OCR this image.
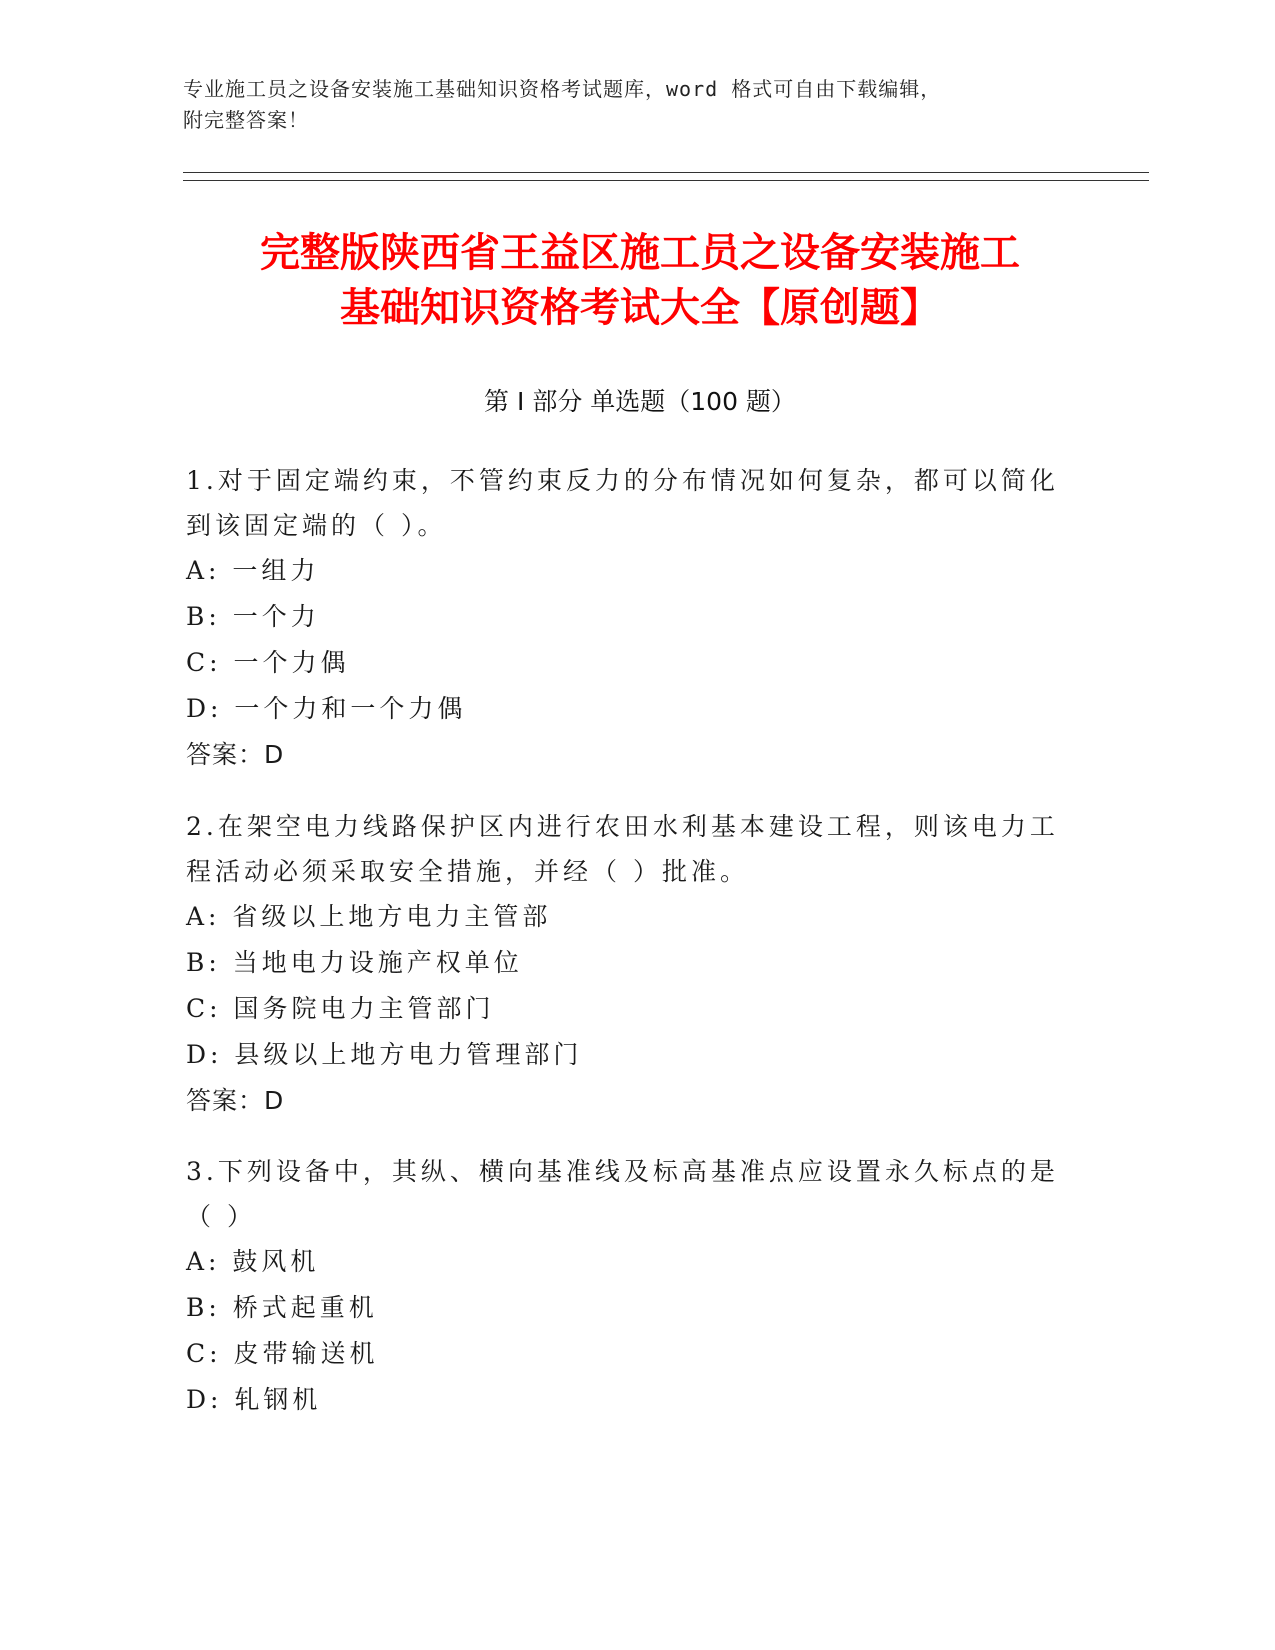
专业施工员之设备安装施工基础知识资格考试题库，word 格式可自由下载编辑，
附完整答案！
完整版陕西省王益区施工员之设备安装施工
基础知识资格考试大全【原创题】
第 I 部分 单选题（100 题）
1.对于固定端约束，不管约束反力的分布情况如何复杂，都可以简化
到该固定端的（ ）。
A: 一组力
B: 一个力
C: 一个力偶
D: 一个力和一个力偶
答案：D
2.在架空电力线路保护区内进行农田水利基本建设工程，则该电力工
程活动必须采取安全措施，并经（ ）批准。
A: 省级以上地方电力主管部
B: 当地电力设施产权单位
C: 国务院电力主管部门
D: 县级以上地方电力管理部门
答案：D
3.下列设备中，其纵、横向基准线及标高基准点应设置永久标点的是
（ ）
A: 鼓风机
B: 桥式起重机
C: 皮带输送机
D: 轧钢机
